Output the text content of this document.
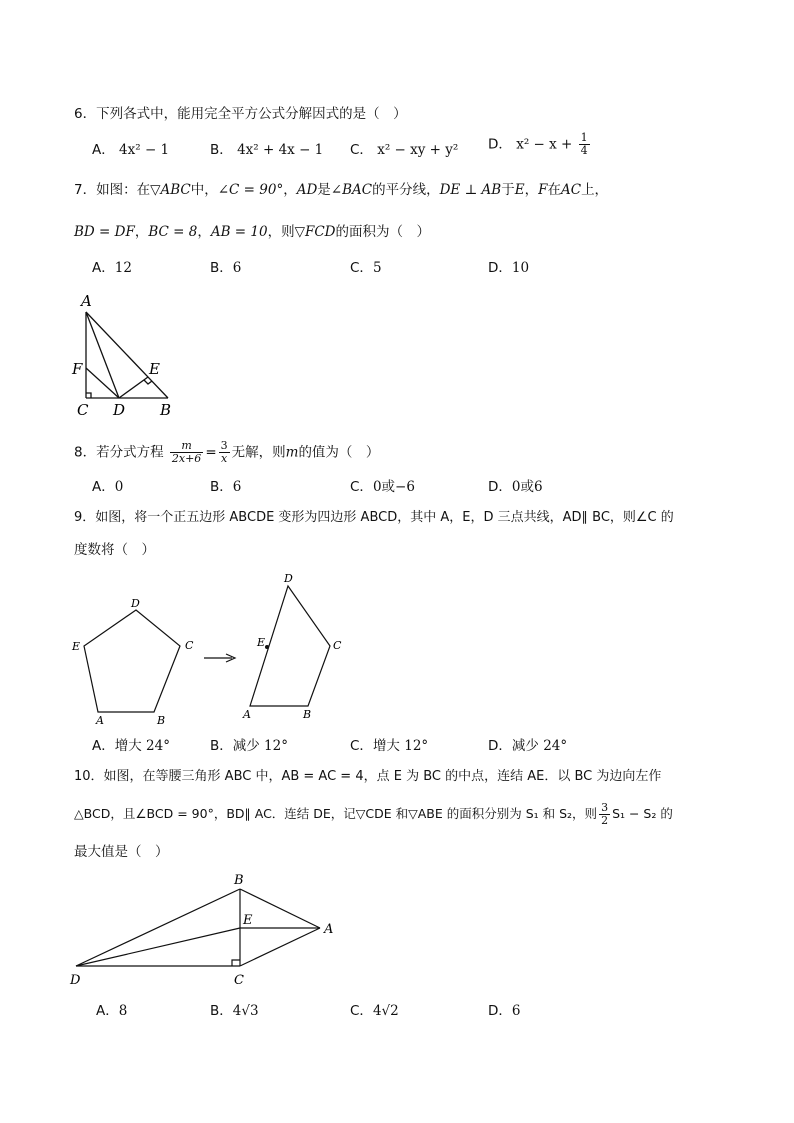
6．下列各式中，能用完全平方公式分解因式的是（　）
A． 4x² − 1	B． 4x² + 4x − 1 C． x² − xy + y² D． $x^2 - x + \frac{1}{4}$
7．如图：在▽ABC中，∠C = 90°，AD是∠BAC的平分线，DE ⊥ AB于E，F在AC上，
BD = DF，BC = 8，AB = 10，则▽FCD的面积为（　）
A．12	B．6	C．5	D．10
A
F	E
C D B
8．若分式方程 $\frac{m}{2x+6} = \frac{3}{x}$ 无解，则m的值为（　）
A．0	B．6	C．0或−6	D．0或6
9．如图，将一个正五边形 ABCDE 变形为四边形 ABCD，其中 A，E，D 三点共线，AD∥ BC，则∠C 的
度数将（　）
A	B
C
D
E
A	B
C
D
E
A．增大 24°	B．减少 12°	C．增大 12°	D．减少 24°
10．如图，在等腰三角形 ABC 中，AB = AC = 4，点 E 为 BC 的中点，连结 AE．以 BC 为边向左作
△BCD，且∠BCD = 90°，BD∥ AC．连结 DE，记▽CDE 和▽ABE 的面积分别为 S₁ 和 S₂，则 $\frac{3}{2} S_1 - S_2$ 的
最大值是（　）
B
E
A
D	C
A．8	B．4√3	C．4√2	D．6
